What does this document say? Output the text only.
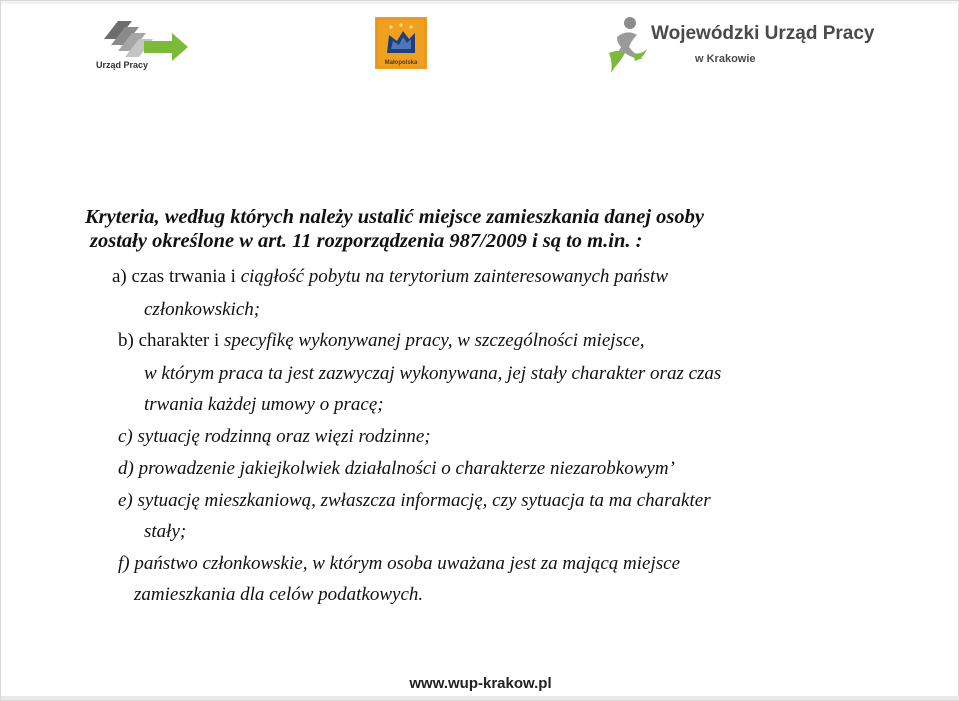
Urząd Pracy	Małopolska
Wojewódzki Urząd Pracy
w Krakowie
Kryteria, według których należy ustalić miejsce zamieszkania danej osoby
zostały określone w art. 11 rozporządzenia 987/2009 i są to m.in. :
a) czas trwania i ciągłość pobytu na terytorium zainteresowanych państw
członkowskich;
b) charakter i specyfikę wykonywanej pracy, w szczególności miejsce,
w którym praca ta jest zazwyczaj wykonywana, jej stały charakter oraz czas
trwania każdej umowy o pracę;
c) sytuację rodzinną oraz więzi rodzinne;
d) prowadzenie jakiejkolwiek działalności o charakterze niezarobkowym’
e) sytuację mieszkaniową, zwłaszcza informację, czy sytuacja ta ma charakter
stały;
f) państwo członkowskie, w którym osoba uważana jest za mającą miejsce
zamieszkania dla celów podatkowych.
www.wup-krakow.pl
